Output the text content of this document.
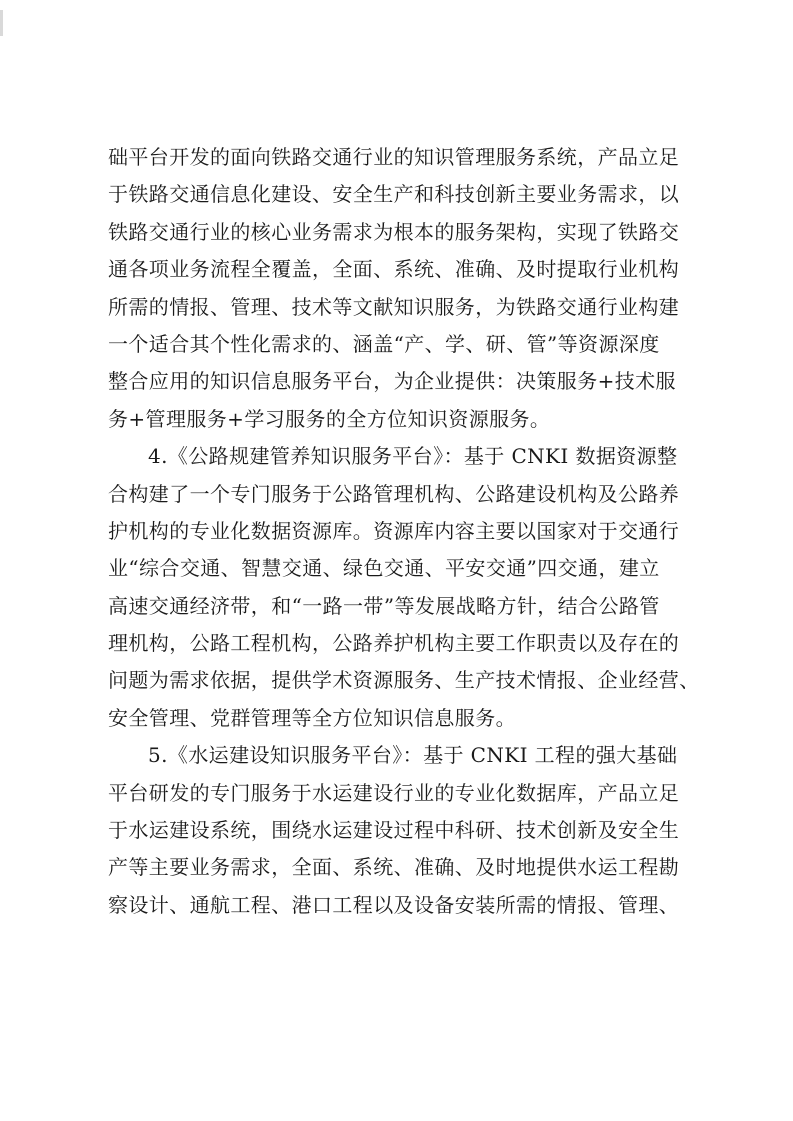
础平台开发的面向铁路交通行业的知识管理服务系统，产品立足
于铁路交通信息化建设、安全生产和科技创新主要业务需求，以
铁路交通行业的核心业务需求为根本的服务架构，实现了铁路交
通各项业务流程全覆盖，全面、系统、准确、及时提取行业机构
所需的情报、管理、技术等文献知识服务，为铁路交通行业构建
一个适合其个性化需求的、涵盖“产、学、研、管”等资源深度
整合应用的知识信息服务平台，为企业提供：决策服务+技术服
务+管理服务+学习服务的全方位知识资源服务。
4.《公路规建管养知识服务平台》：基于 CNKI 数据资源整
合构建了一个专门服务于公路管理机构、公路建设机构及公路养
护机构的专业化数据资源库。资源库内容主要以国家对于交通行
业“综合交通、智慧交通、绿色交通、平安交通”四交通，建立
高速交通经济带，和“一路一带”等发展战略方针，结合公路管
理机构，公路工程机构，公路养护机构主要工作职责以及存在的
问题为需求依据，提供学术资源服务、生产技术情报、企业经营、
安全管理、党群管理等全方位知识信息服务。
5.《水运建设知识服务平台》：基于 CNKI 工程的强大基础
平台研发的专门服务于水运建设行业的专业化数据库，产品立足
于水运建设系统，围绕水运建设过程中科研、技术创新及安全生
产等主要业务需求，全面、系统、准确、及时地提供水运工程勘
察设计、通航工程、港口工程以及设备安装所需的情报、管理、
